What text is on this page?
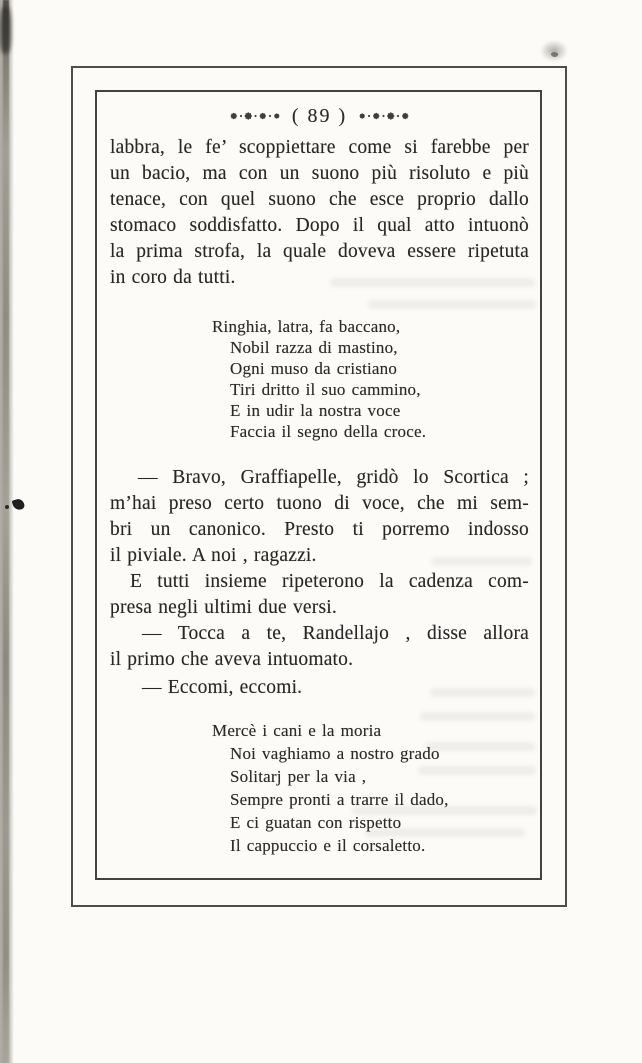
( 89 )
labbra, le fe’ scoppiettare come si farebbe per
un bacio, ma con un suono più risoluto e più
tenace, con quel suono che esce proprio dallo
stomaco soddisfatto. Dopo il qual atto intuonò
la prima strofa, la quale doveva essere ripetuta
in coro da tutti.
Ringhia, latra, fa baccano,
Nobil razza di mastino,
Ogni muso da cristiano
Tiri dritto il suo cammino,
E in udir la nostra voce
Faccia il segno della croce.
— Bravo, Graffiapelle, gridò lo Scortica ;
m’hai preso certo tuono di voce, che mi sem-
bri un canonico. Presto ti porremo indosso
il piviale. A noi , ragazzi.
E tutti insieme ripeterono la cadenza com-
presa negli ultimi due versi.
— Tocca a te, Randellajo , disse allora
il primo che aveva intuomato.
— Eccomi, eccomi.
Mercè i cani e la moria
Noi vaghiamo a nostro grado
Solitarj per la via ,
Sempre pronti a trarre il dado,
E ci guatan con rispetto
Il cappuccio e il corsaletto.
